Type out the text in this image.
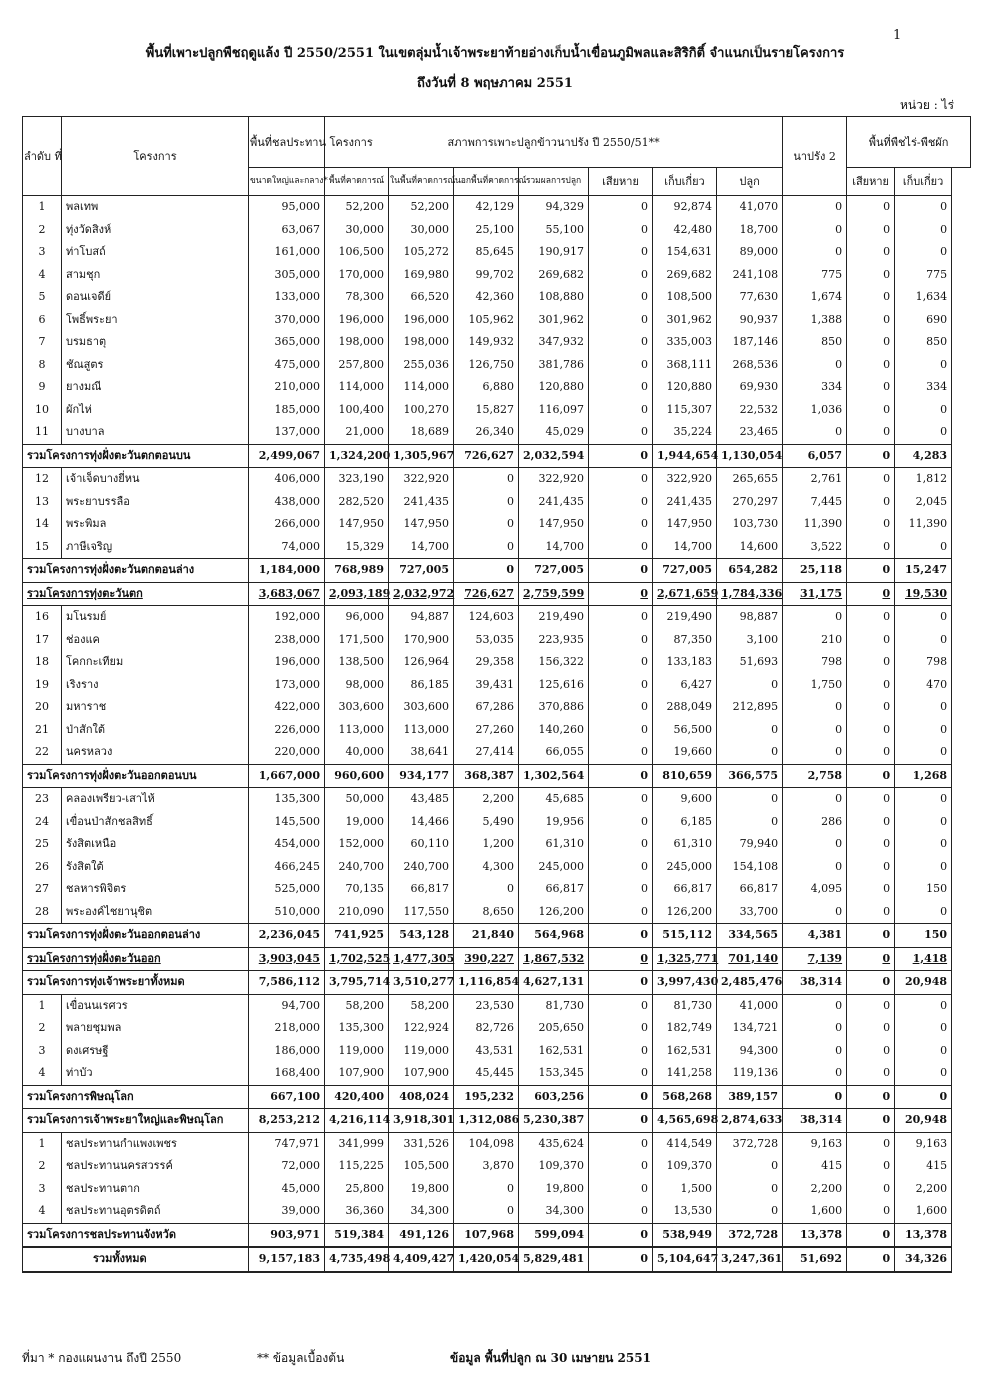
1
พื้นที่เพาะปลูกพืชฤดูแล้ง ปี 2550/2551 ในเขตลุ่มน้ำเจ้าพระยาท้ายอ่างเก็บน้ำเขื่อนภูมิพลและสิริกิติ์ จำแนกเป็นรายโครงการ
ถึงวันที่ 8 พฤษภาคม 2551
หน่วย : ไร่
ลำดับ ที่	โครงการ	พื้นที่ชลประทาน โครงการ	สภาพการเพาะปลูกข้าวนาปรัง ปี 2550/51**							นาปรัง 2	พื้นที่พืชไร่-พืชผัก	
		ขนาดใหญ่และกลาง*	พื้นที่คาดการณ์	ในพื้นที่คาดการณ์	นอกพื้นที่คาดการณ์	รวมผลการปลูก	เสียหาย	เก็บเกี่ยว	ปลูก		เสียหาย	เก็บเกี่ยว
1	พลเทพ	95,000	52,200	52,200	42,129	94,329	0	92,874	41,070	0	0	0
2	ทุ่งวัดสิงห์	63,067	30,000	30,000	25,100	55,100	0	42,480	18,700	0	0	0
3	ท่าโบสถ์	161,000	106,500	105,272	85,645	190,917	0	154,631	89,000	0	0	0
4	สามชุก	305,000	170,000	169,980	99,702	269,682	0	269,682	241,108	775	0	775
5	ดอนเจดีย์	133,000	78,300	66,520	42,360	108,880	0	108,500	77,630	1,674	0	1,634
6	โพธิ์พระยา	370,000	196,000	196,000	105,962	301,962	0	301,962	90,937	1,388	0	690
7	บรมธาตุ	365,000	198,000	198,000	149,932	347,932	0	335,003	187,146	850	0	850
8	ชัณสูตร	475,000	257,800	255,036	126,750	381,786	0	368,111	268,536	0	0	0
9	ยางมณี	210,000	114,000	114,000	6,880	120,880	0	120,880	69,930	334	0	334
10	ผักไห่	185,000	100,400	100,270	15,827	116,097	0	115,307	22,532	1,036	0	0
11	บางบาล	137,000	21,000	18,689	26,340	45,029	0	35,224	23,465	0	0	0
รวมโครงการทุ่งฝั่งตะวันตกตอนบน		2,499,067	1,324,200	1,305,967	726,627	2,032,594	0	1,944,654	1,130,054	6,057	0	4,283
12	เจ้าเจ็ดบางยี่หน	406,000	323,190	322,920	0	322,920	0	322,920	265,655	2,761	0	1,812
13	พระยาบรรลือ	438,000	282,520	241,435	0	241,435	0	241,435	270,297	7,445	0	2,045
14	พระพิมล	266,000	147,950	147,950	0	147,950	0	147,950	103,730	11,390	0	11,390
15	ภาษีเจริญ	74,000	15,329	14,700	0	14,700	0	14,700	14,600	3,522	0	0
รวมโครงการทุ่งฝั่งตะวันตกตอนล่าง		1,184,000	768,989	727,005	0	727,005	0	727,005	654,282	25,118	0	15,247
รวมโครงการทุ่งตะวันตก		3,683,067	2,093,189	2,032,972	726,627	2,759,599	0	2,671,659	1,784,336	31,175	0	19,530
16	มโนรมย์	192,000	96,000	94,887	124,603	219,490	0	219,490	98,887	0	0	0
17	ช่องแค	238,000	171,500	170,900	53,035	223,935	0	87,350	3,100	210	0	0
18	โคกกะเทียม	196,000	138,500	126,964	29,358	156,322	0	133,183	51,693	798	0	798
19	เริงราง	173,000	98,000	86,185	39,431	125,616	0	6,427	0	1,750	0	470
20	มหาราช	422,000	303,600	303,600	67,286	370,886	0	288,049	212,895	0	0	0
21	ป่าสักใต้	226,000	113,000	113,000	27,260	140,260	0	56,500	0	0	0	0
22	นครหลวง	220,000	40,000	38,641	27,414	66,055	0	19,660	0	0	0	0
รวมโครงการทุ่งฝั่งตะวันออกตอนบน		1,667,000	960,600	934,177	368,387	1,302,564	0	810,659	366,575	2,758	0	1,268
23	คลองเพรียว-เสาไห้	135,300	50,000	43,485	2,200	45,685	0	9,600	0	0	0	0
24	เขื่อนป่าสักชลสิทธิ์	145,500	19,000	14,466	5,490	19,956	0	6,185	0	286	0	0
25	รังสิตเหนือ	454,000	152,000	60,110	1,200	61,310	0	61,310	79,940	0	0	0
26	รังสิตใต้	466,245	240,700	240,700	4,300	245,000	0	245,000	154,108	0	0	0
27	ชลหารพิจิตร	525,000	70,135	66,817	0	66,817	0	66,817	66,817	4,095	0	150
28	พระองค์ไชยานุชิต	510,000	210,090	117,550	8,650	126,200	0	126,200	33,700	0	0	0
รวมโครงการทุ่งฝั่งตะวันออกตอนล่าง		2,236,045	741,925	543,128	21,840	564,968	0	515,112	334,565	4,381	0	150
รวมโครงการทุ่งฝั่งตะวันออก		3,903,045	1,702,525	1,477,305	390,227	1,867,532	0	1,325,771	701,140	7,139	0	1,418
รวมโครงการทุ่งเจ้าพระยาทั้งหมด		7,586,112	3,795,714	3,510,277	1,116,854	4,627,131	0	3,997,430	2,485,476	38,314	0	20,948
1	เขื่อนนเรศวร	94,700	58,200	58,200	23,530	81,730	0	81,730	41,000	0	0	0
2	พลายชุมพล	218,000	135,300	122,924	82,726	205,650	0	182,749	134,721	0	0	0
3	ดงเศรษฐี	186,000	119,000	119,000	43,531	162,531	0	162,531	94,300	0	0	0
4	ท่าบัว	168,400	107,900	107,900	45,445	153,345	0	141,258	119,136	0	0	0
รวมโครงการพิษณุโลก		667,100	420,400	408,024	195,232	603,256	0	568,268	389,157	0	0	0
รวมโครงการเจ้าพระยาใหญ่และพิษณุโลก		8,253,212	4,216,114	3,918,301	1,312,086	5,230,387	0	4,565,698	2,874,633	38,314	0	20,948
1	ชลประทานกำแพงเพชร	747,971	341,999	331,526	104,098	435,624	0	414,549	372,728	9,163	0	9,163
2	ชลประทานนครสวรรค์	72,000	115,225	105,500	3,870	109,370	0	109,370	0	415	0	415
3	ชลประทานตาก	45,000	25,800	19,800	0	19,800	0	1,500	0	2,200	0	2,200
4	ชลประทานอุตรดิตถ์	39,000	36,360	34,300	0	34,300	0	13,530	0	1,600	0	1,600
รวมโครงการชลประทานจังหวัด		903,971	519,384	491,126	107,968	599,094	0	538,949	372,728	13,378	0	13,378
รวมทั้งหมด		9,157,183	4,735,498	4,409,427	1,420,054	5,829,481	0	5,104,647	3,247,361	51,692	0	34,326
ที่มา * กองแผนงาน ถึงปี 2550	** ข้อมูลเบื้องต้น	ข้อมูล พื้นที่ปลูก ณ 30 เมษายน 2551
